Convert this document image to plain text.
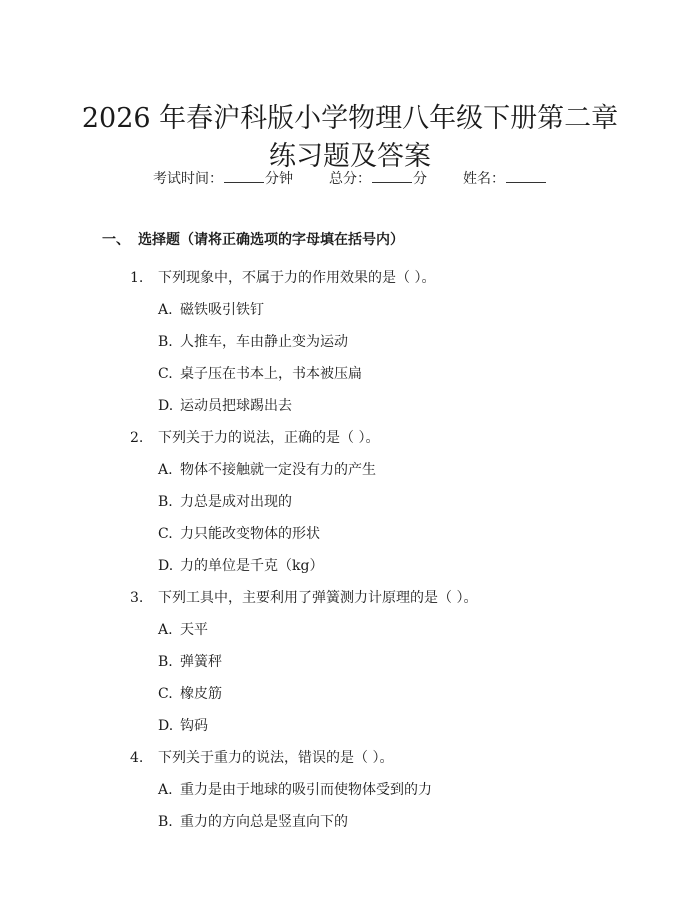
2026 年春沪科版小学物理八年级下册第二章
练习题及答案
考试时间：	分钟	总分：	分	姓名：
一、 选择题（请将正确选项的字母填在括号内）
1.	下列现象中，不属于力的作用效果的是（ ）。
A. 磁铁吸引铁钉
B. 人推车，车由静止变为运动
C. 桌子压在书本上，书本被压扁
D. 运动员把球踢出去
2.	下列关于力的说法，正确的是（ ）。
A. 物体不接触就一定没有力的产生
B. 力总是成对出现的
C. 力只能改变物体的形状
D. 力的单位是千克（kg）
3.	下列工具中，主要利用了弹簧测力计原理的是（ ）。
A. 天平
B. 弹簧秤
C. 橡皮筋
D. 钩码
4.	下列关于重力的说法，错误的是（ ）。
A. 重力是由于地球的吸引而使物体受到的力
B. 重力的方向总是竖直向下的
